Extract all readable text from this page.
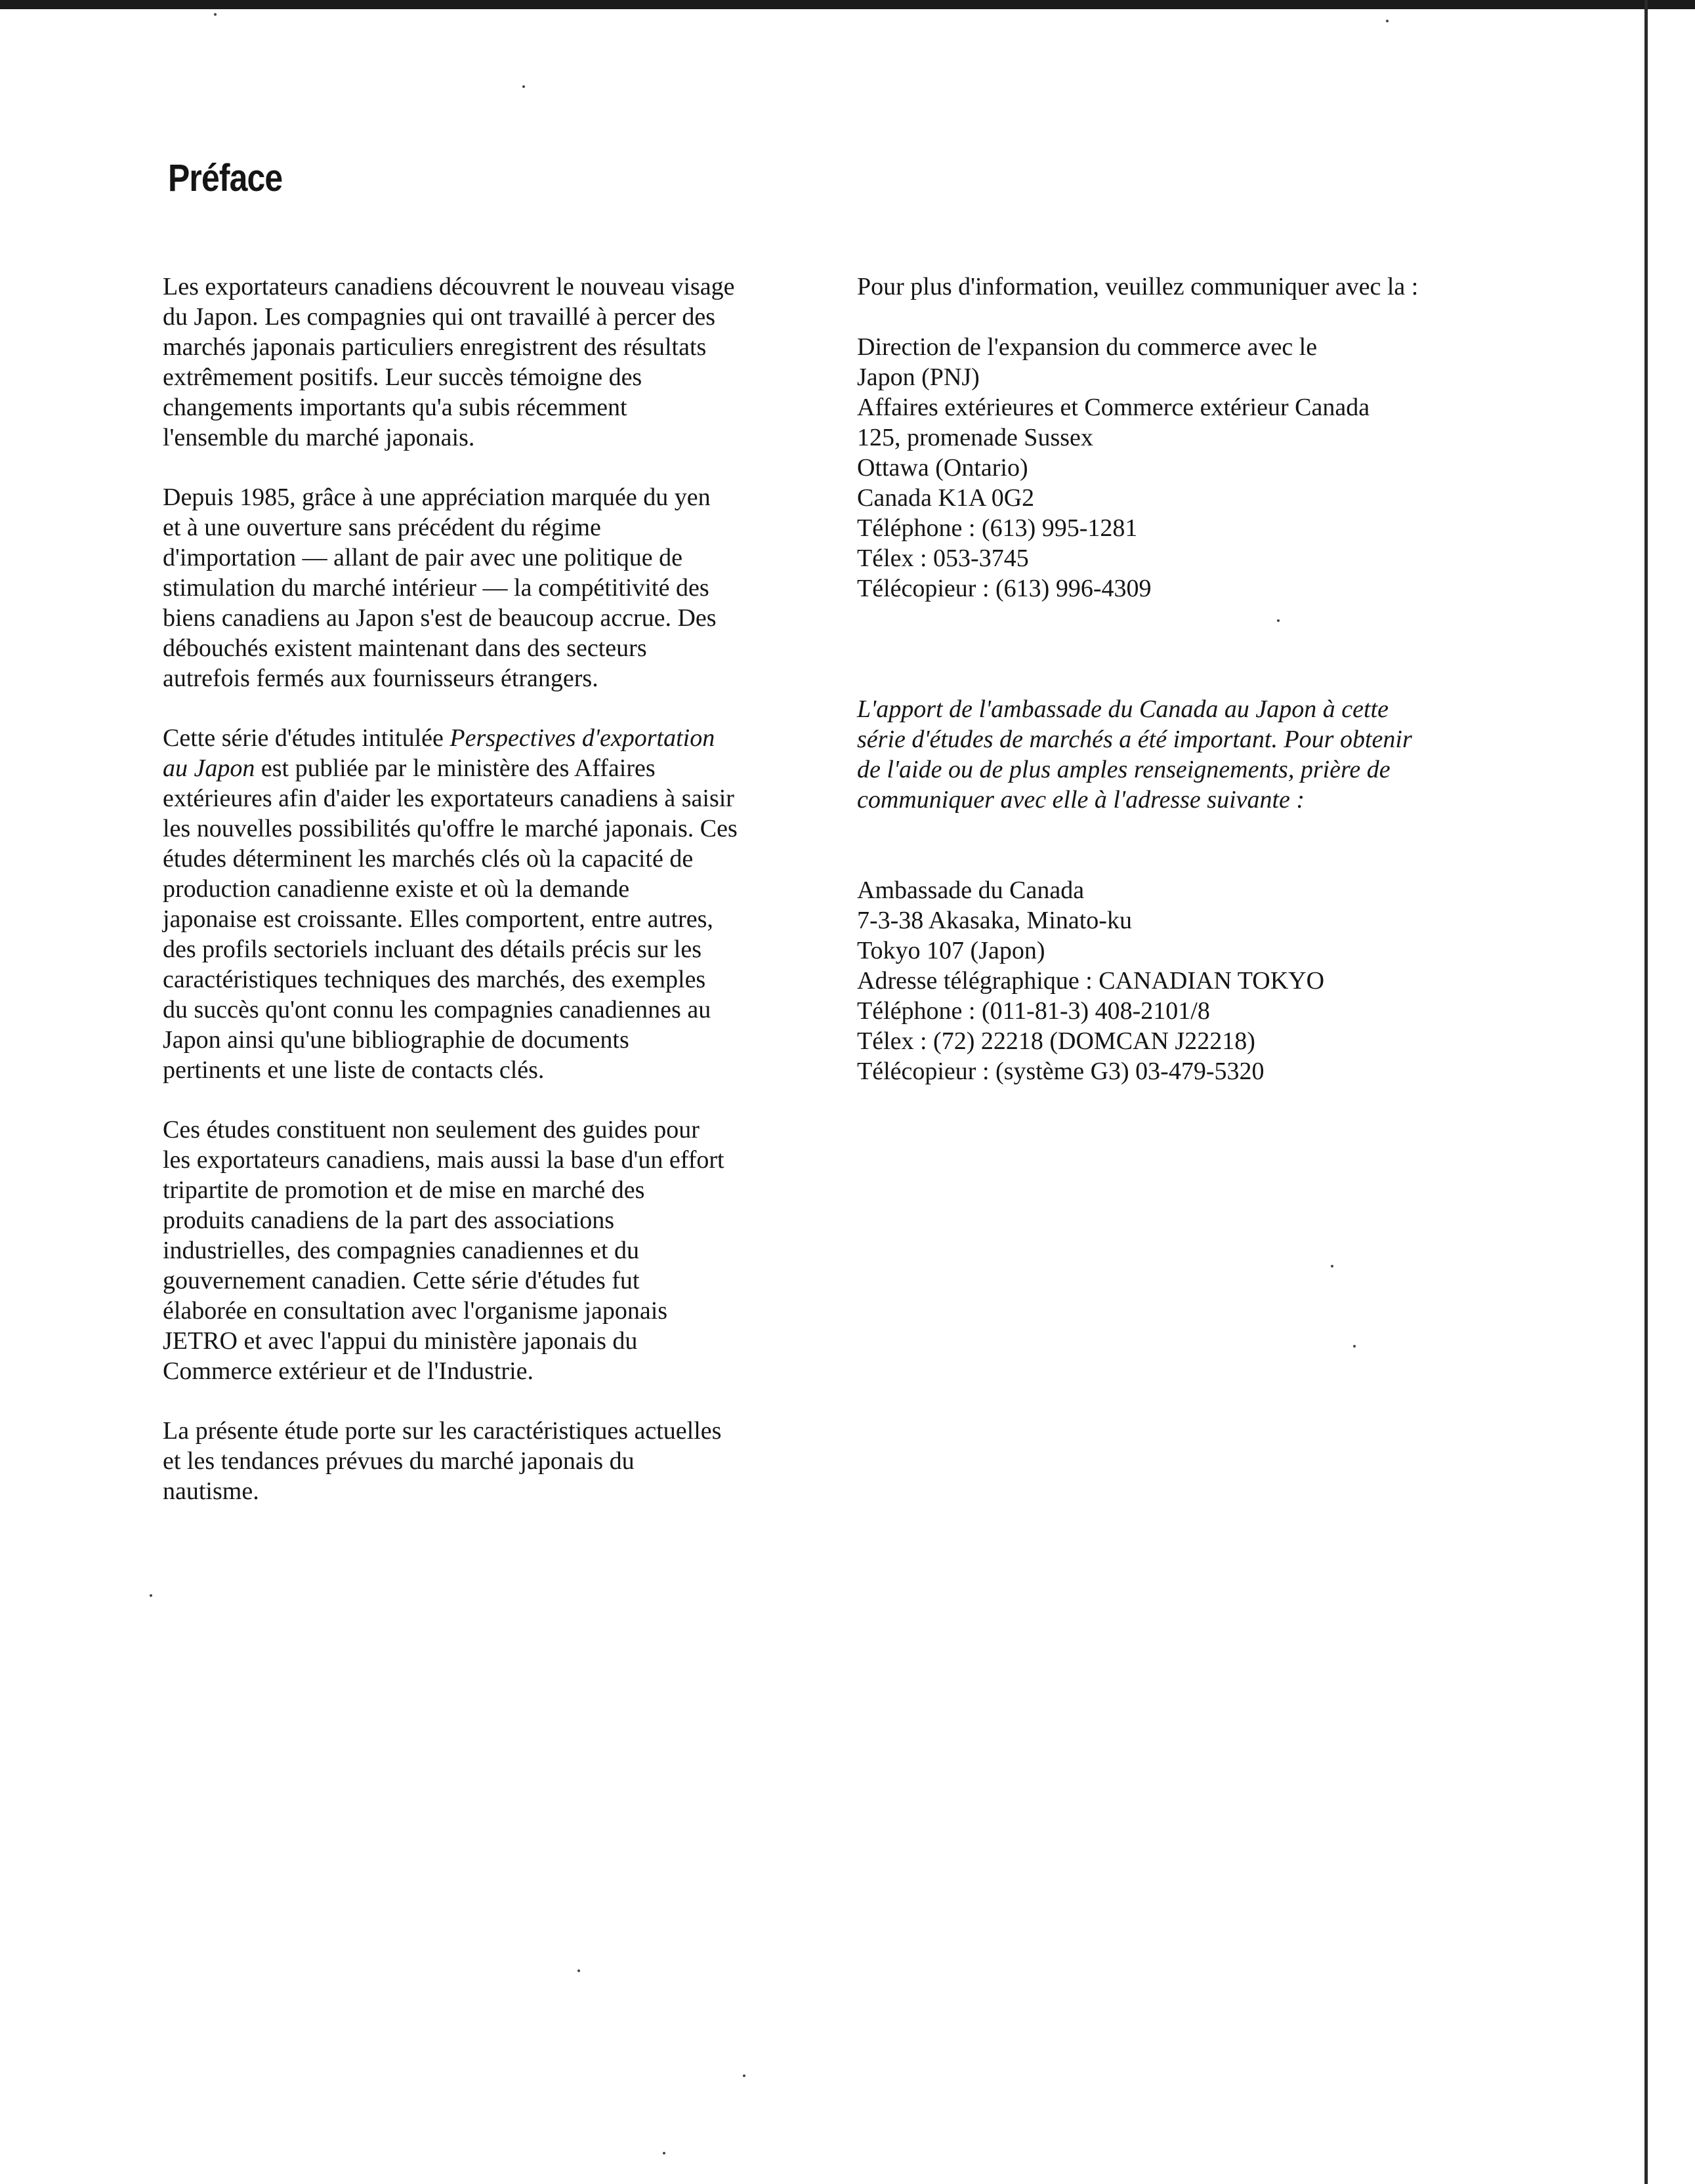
Préface

Les exportateurs canadiens découvrent le nouveau visage
du Japon. Les compagnies qui ont travaillé à percer des
marchés japonais particuliers enregistrent des résultats
extrêmement positifs. Leur succès témoigne des
changements importants qu'a subis récemment
l'ensemble du marché japonais.

Depuis 1985, grâce à une appréciation marquée du yen
et à une ouverture sans précédent du régime
d'importation — allant de pair avec une politique de
stimulation du marché intérieur — la compétitivité des
biens canadiens au Japon s'est de beaucoup accrue. Des
débouchés existent maintenant dans des secteurs
autrefois fermés aux fournisseurs étrangers.

Cette série d'études intitulée Perspectives d'exportation
au Japon est publiée par le ministère des Affaires
extérieures afin d'aider les exportateurs canadiens à saisir
les nouvelles possibilités qu'offre le marché japonais. Ces
études déterminent les marchés clés où la capacité de
production canadienne existe et où la demande
japonaise est croissante. Elles comportent, entre autres,
des profils sectoriels incluant des détails précis sur les
caractéristiques techniques des marchés, des exemples
du succès qu'ont connu les compagnies canadiennes au
Japon ainsi qu'une bibliographie de documents
pertinents et une liste de contacts clés.

Ces études constituent non seulement des guides pour
les exportateurs canadiens, mais aussi la base d'un effort
tripartite de promotion et de mise en marché des
produits canadiens de la part des associations
industrielles, des compagnies canadiennes et du
gouvernement canadien. Cette série d'études fut
élaborée en consultation avec l'organisme japonais
JETRO et avec l'appui du ministère japonais du
Commerce extérieur et de l'Industrie.

La présente étude porte sur les caractéristiques actuelles
et les tendances prévues du marché japonais du
nautisme.

Pour plus d'information, veuillez communiquer avec la :
Direction de l'expansion du commerce avec le
Japon (PNJ)
Affaires extérieures et Commerce extérieur Canada
125, promenade Sussex
Ottawa (Ontario)
Canada K1A 0G2
Téléphone : (613) 995-1281
Télex : 053-3745
Télécopieur : (613) 996-4309
L'apport de l'ambassade du Canada au Japon à cette
série d'études de marchés a été important. Pour obtenir
de l'aide ou de plus amples renseignements, prière de
communiquer avec elle à l'adresse suivante :
Ambassade du Canada
7-3-38 Akasaka, Minato-ku
Tokyo 107 (Japon)
Adresse télégraphique : CANADIAN TOKYO
Téléphone : (011-81-3) 408-2101/8
Télex : (72) 22218 (DOMCAN J22218)
Télécopieur : (système G3) 03-479-5320
